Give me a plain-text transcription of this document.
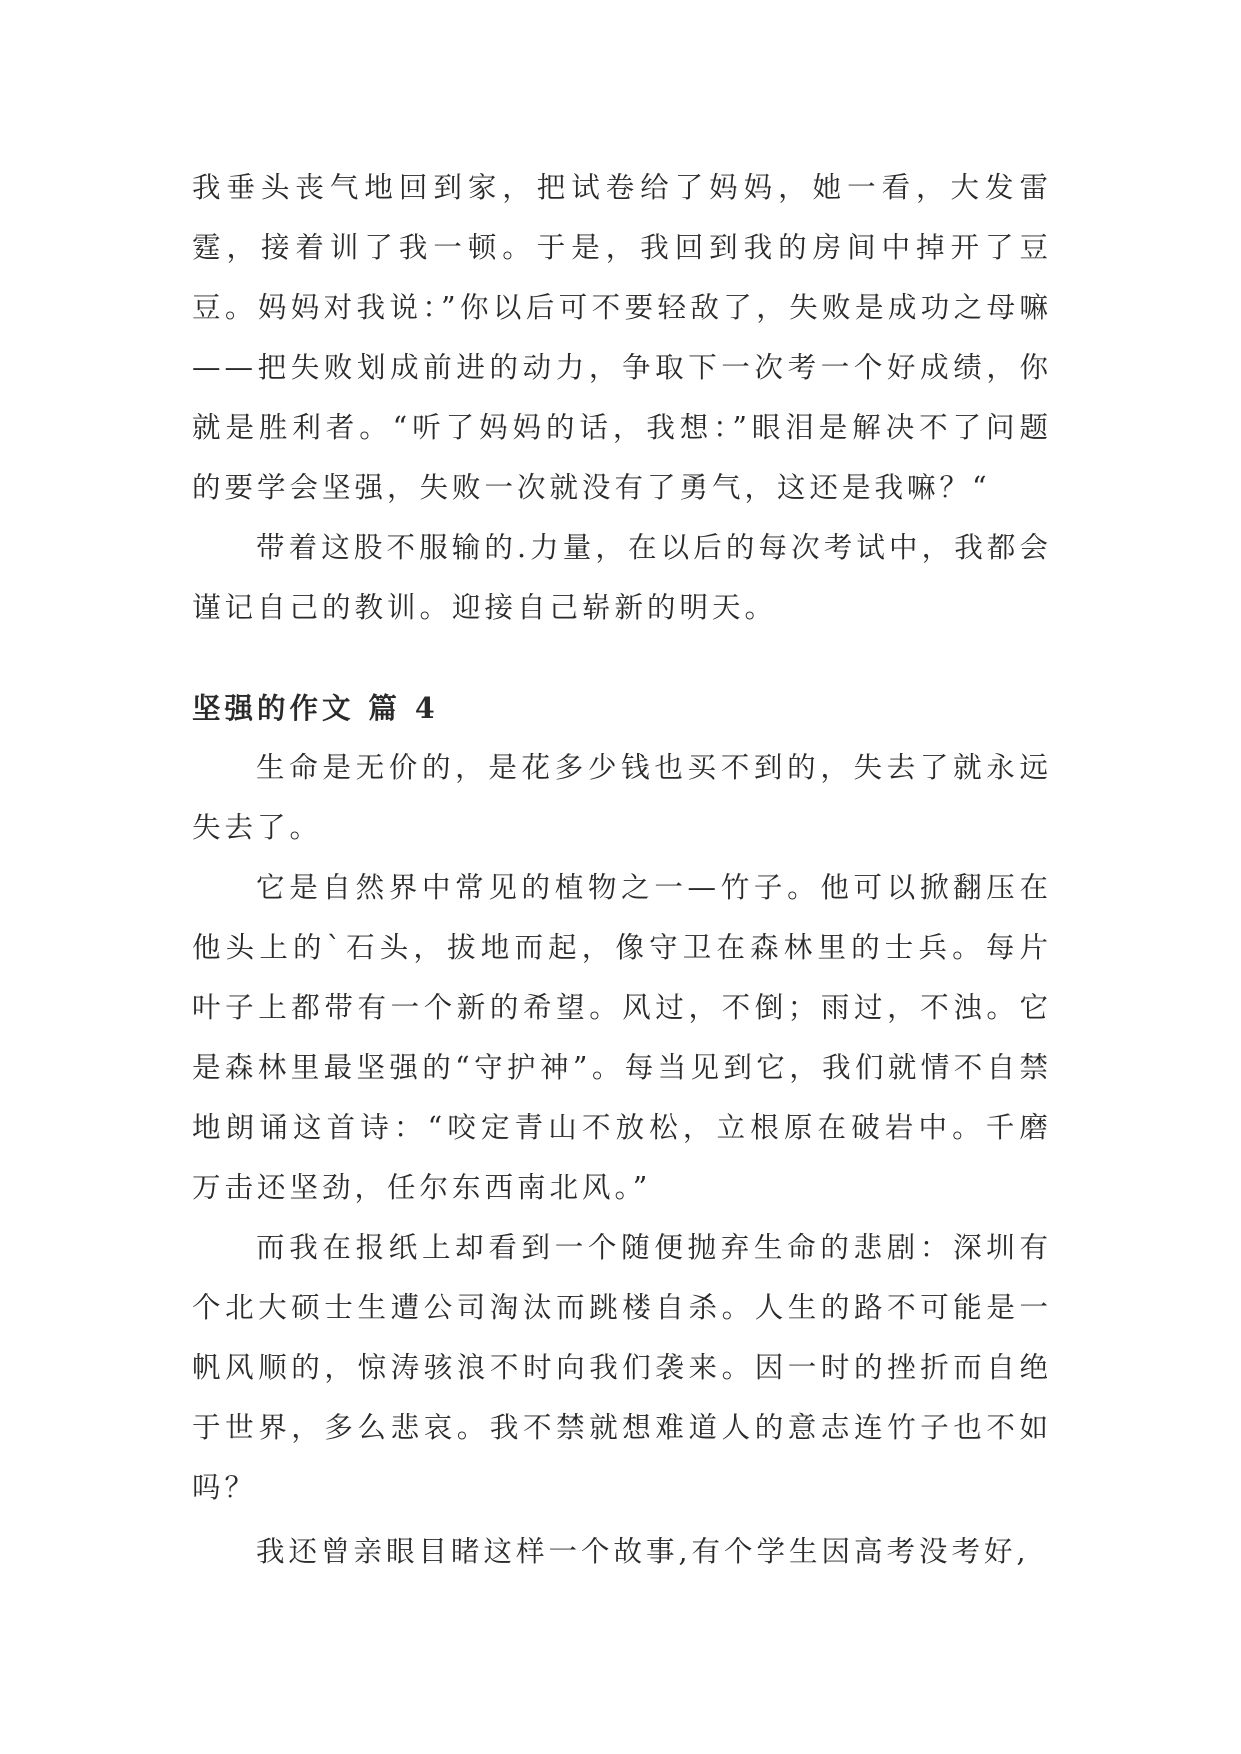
我垂头丧气地回到家，把试卷给了妈妈，她一看，大发雷霆，接着训了我一顿。于是，我回到我的房间中掉开了豆豆。妈妈对我说：”你以后可不要轻敌了，失败是成功之母嘛——把失败划成前进的动力，争取下一次考一个好成绩，你就是胜利者。“听了妈妈的话，我想：”眼泪是解决不了问题的要学会坚强，失败一次就没有了勇气，这还是我嘛？“

带着这股不服输的.力量，在以后的每次考试中，我都会谨记自己的教训。迎接自己崭新的明天。

坚强的作文 篇 4

生命是无价的，是花多少钱也买不到的，失去了就永远失去了。

它是自然界中常见的植物之一—竹子。他可以掀翻压在他头上的`石头，拔地而起，像守卫在森林里的士兵。每片叶子上都带有一个新的希望。风过，不倒；雨过，不浊。它是森林里最坚强的“守护神”。每当见到它，我们就情不自禁地朗诵这首诗：“咬定青山不放松，立根原在破岩中。千磨万击还坚劲，任尔东西南北风。”

而我在报纸上却看到一个随便抛弃生命的悲剧：深圳有个北大硕士生遭公司淘汰而跳楼自杀。人生的路不可能是一帆风顺的，惊涛骇浪不时向我们袭来。因一时的挫折而自绝于世界，多么悲哀。我不禁就想难道人的意志连竹子也不如吗？

我还曾亲眼目睹这样一个故事,有个学生因高考没考好,
